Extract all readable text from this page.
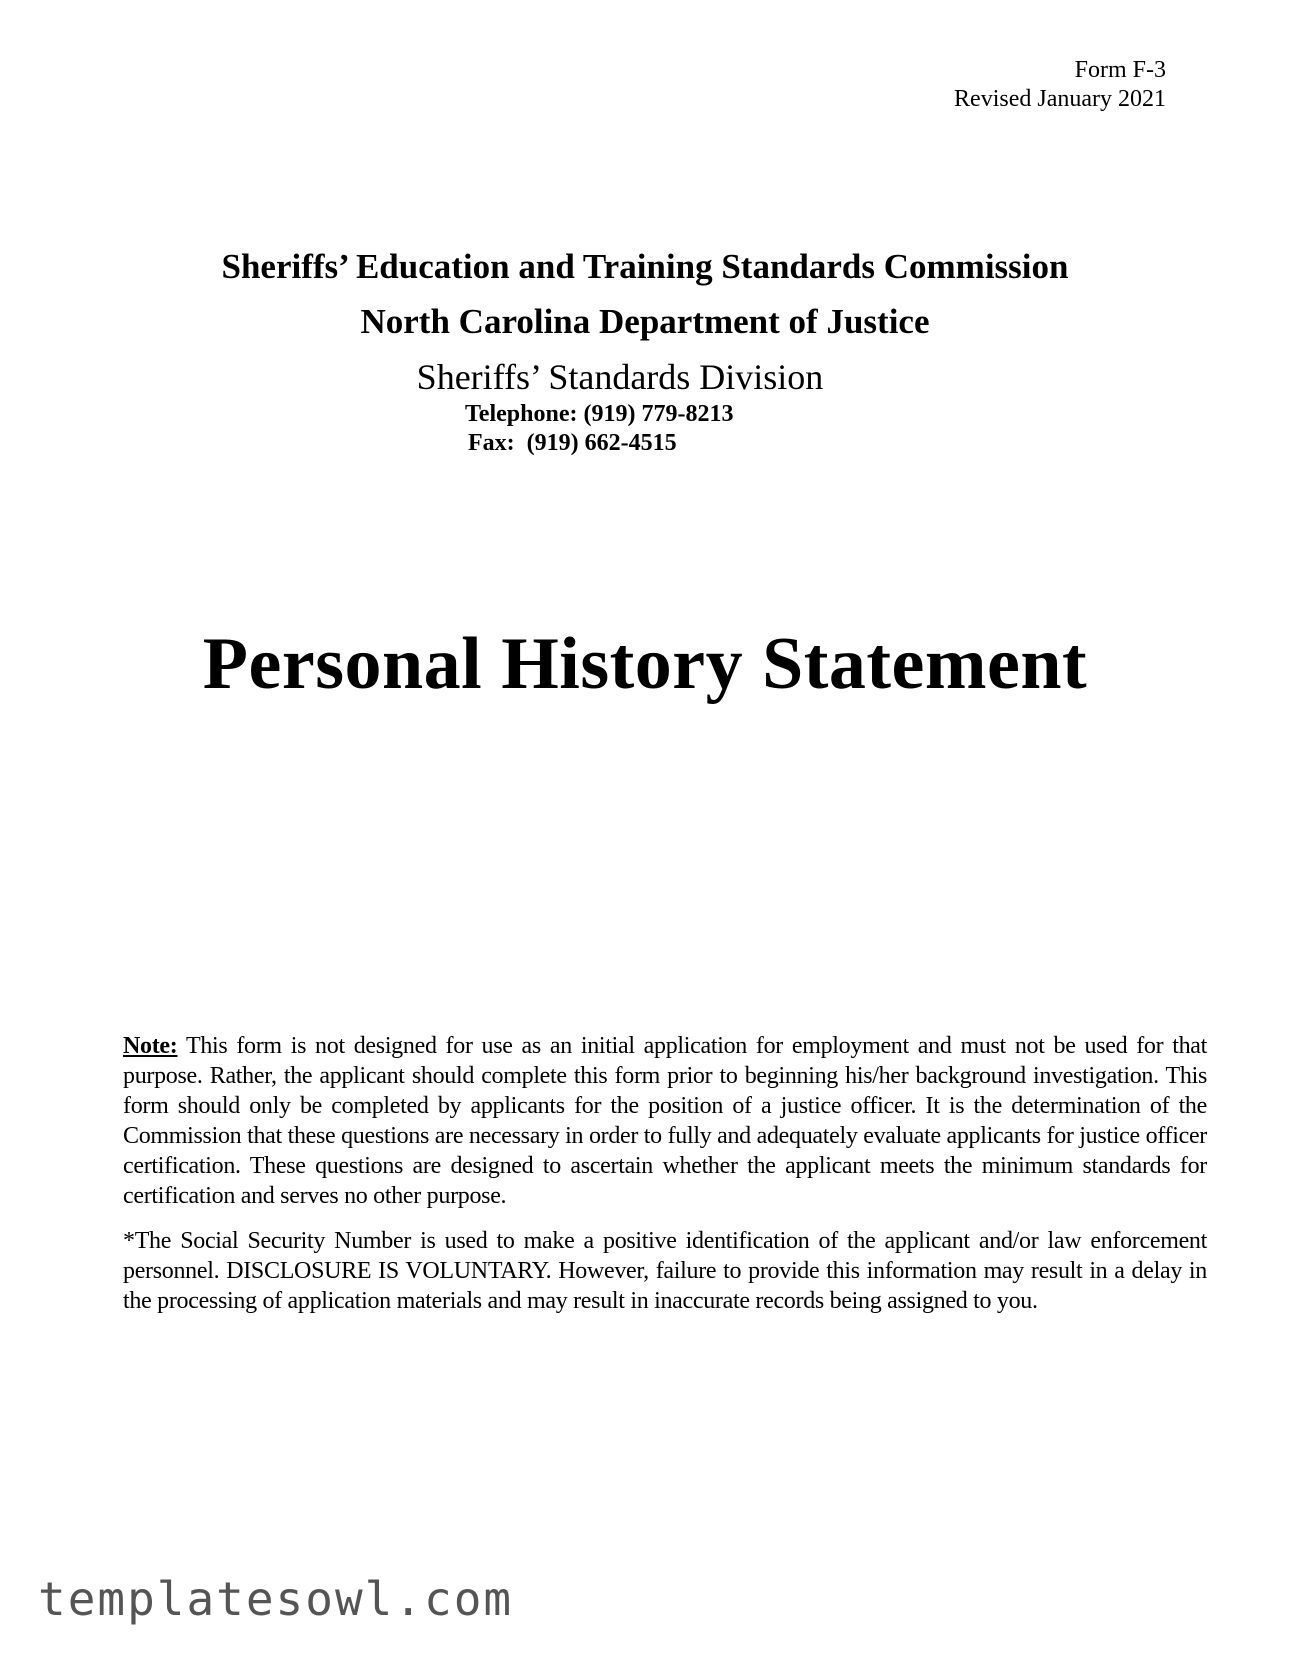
Form F-3
Revised January 2021
Sheriffs’ Education and Training Standards Commission
North Carolina Department of Justice
Sheriffs’ Standards Division
Telephone: (919) 779-8213
Fax:  (919) 662-4515
Personal History Statement
Note: This form is not designed for use as an initial application for employment and must not be used for that purpose. Rather, the applicant should complete this form prior to beginning his/her background investigation. This form should only be completed by applicants for the position of a justice officer. It is the determination of the Commission that these questions are necessary in order to fully and adequately evaluate applicants for justice officer certification. These questions are designed to ascertain whether the applicant meets the minimum standards for certification and serves no other purpose.
*The Social Security Number is used to make a positive identification of the applicant and/or law enforcement personnel. DISCLOSURE IS VOLUNTARY. However, failure to provide this information may result in a delay in the processing of application materials and may result in inaccurate records being assigned to you.
templatesowl.com
